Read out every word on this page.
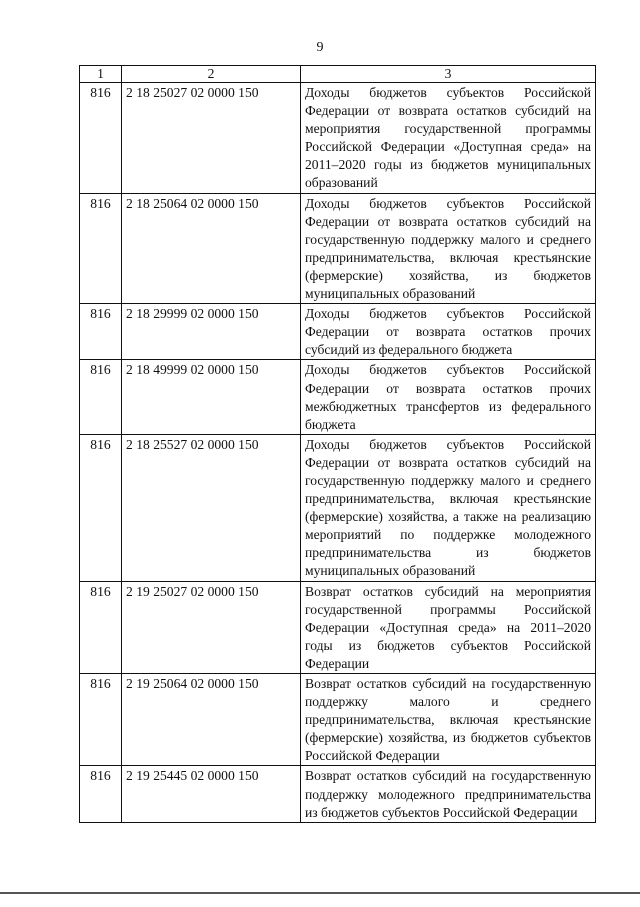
9
1	2	3
816	2 18 25027 02 0000 150	Доходы бюджетов субъектов Российской Федерации от возврата остатков субсидий на мероприятия государственной программы Российской Федерации «Доступная среда» на 2011–2020 годы из бюджетов муниципальных образований
816	2 18 25064 02 0000 150	Доходы бюджетов субъектов Российской Федерации от возврата остатков субсидий на государственную поддержку малого и среднего предпринимательства, включая крестьянские (фермерские) хозяйства, из бюджетов муниципальных образований
816	2 18 29999 02 0000 150	Доходы бюджетов субъектов Российской Федерации от возврата остатков прочих субсидий из федерального бюджета
816	2 18 49999 02 0000 150	Доходы бюджетов субъектов Российской Федерации от возврата остатков прочих межбюджетных трансфертов из федерального бюджета
816	2 18 25527 02 0000 150	Доходы бюджетов субъектов Российской Федерации от возврата остатков субсидий на государственную поддержку малого и среднего предпринимательства, включая крестьянские (фермерские) хозяйства, а также на реализацию мероприятий по поддержке молодежного предпринимательства из бюджетов муниципальных образований
816	2 19 25027 02 0000 150	Возврат остатков субсидий на мероприятия государственной программы Российской Федерации «Доступная среда» на 2011–2020 годы из бюджетов субъектов Российской Федерации
816	2 19 25064 02 0000 150	Возврат остатков субсидий на государственную поддержку малого и среднего предпринимательства, включая крестьянские (фермерские) хозяйства, из бюджетов субъектов Российской Федерации
816	2 19 25445 02 0000 150	Возврат остатков субсидий на государственную поддержку молодежного предпринимательства из бюджетов субъектов Российской Федерации
